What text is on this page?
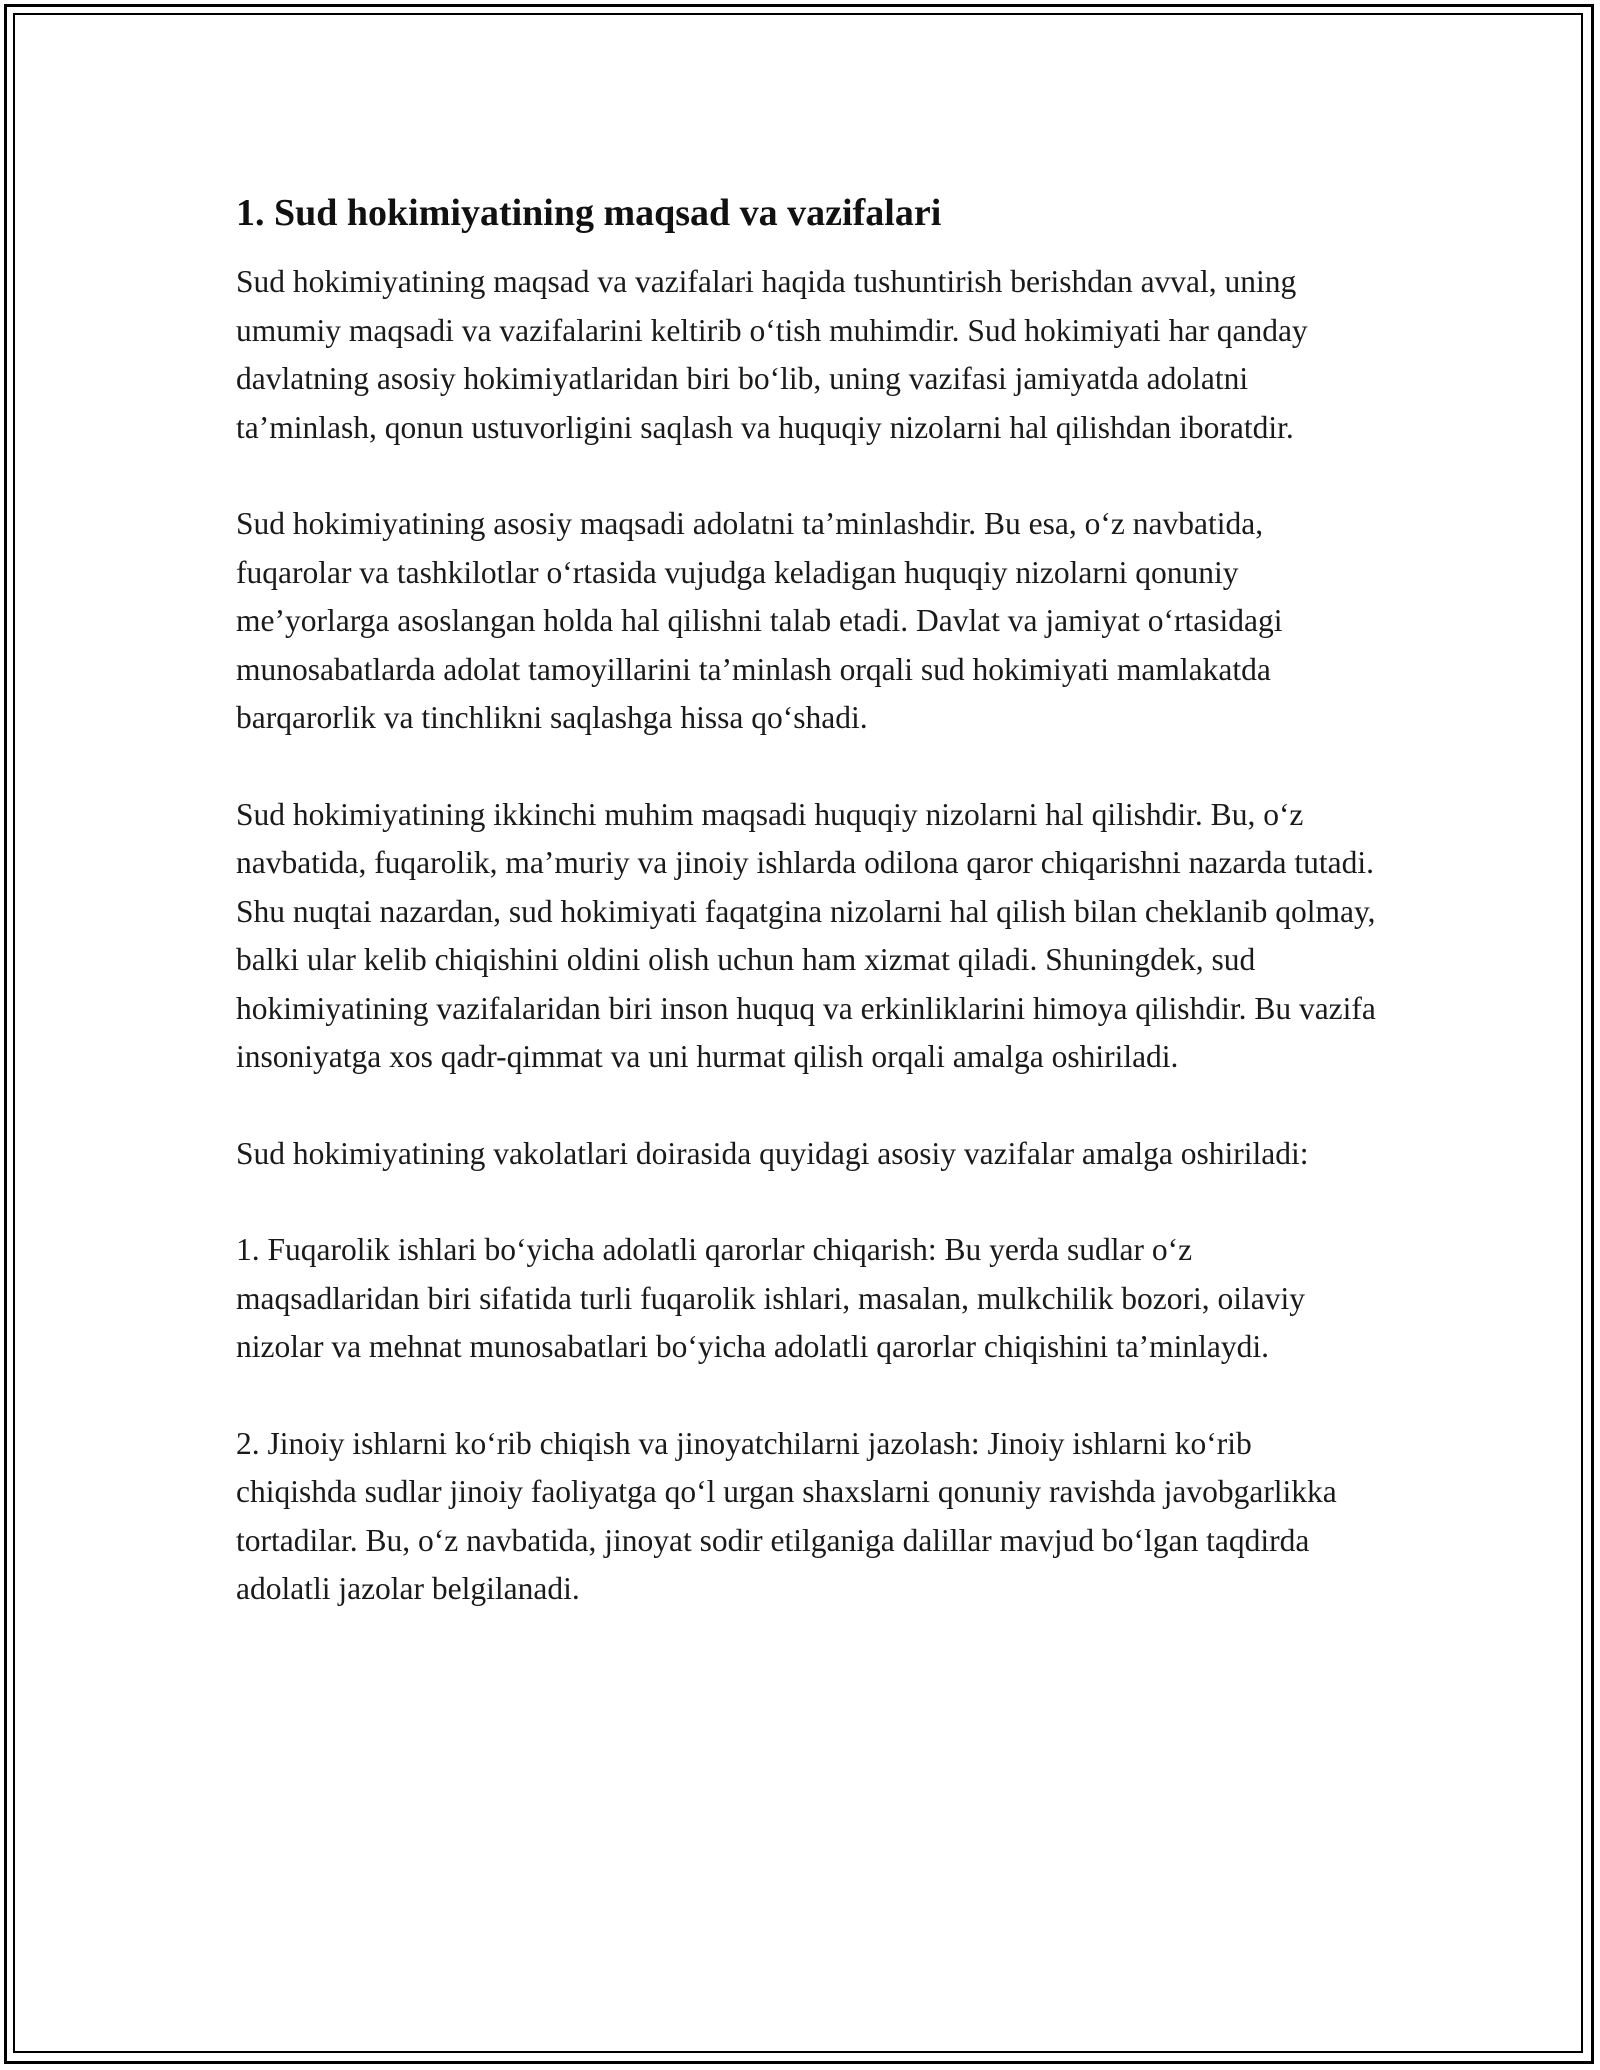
1. Sud hokimiyatining maqsad va vazifalari

Sud hokimiyatining maqsad va vazifalari haqida tushuntirish berishdan avval, uning umumiy maqsadi va vazifalarini keltirib o‘tish muhimdir. Sud hokimiyati har qanday davlatning asosiy hokimiyatlaridan biri bo‘lib, uning vazifasi jamiyatda adolatni ta’minlash, qonun ustuvorligini saqlash va huquqiy nizolarni hal qilishdan iboratdir.

Sud hokimiyatining asosiy maqsadi adolatni ta’minlashdir. Bu esa, o‘z navbatida, fuqarolar va tashkilotlar o‘rtasida vujudga keladigan huquqiy nizolarni qonuniy me’yorlarga asoslangan holda hal qilishni talab etadi. Davlat va jamiyat o‘rtasidagi munosabatlarda adolat tamoyillarini ta’minlash orqali sud hokimiyati mamlakatda barqarorlik va tinchlikni saqlashga hissa qo‘shadi.

Sud hokimiyatining ikkinchi muhim maqsadi huquqiy nizolarni hal qilishdir. Bu, o‘z navbatida, fuqarolik, ma’muriy va jinoiy ishlarda odilona qaror chiqarishni nazarda tutadi. Shu nuqtai nazardan, sud hokimiyati faqatgina nizolarni hal qilish bilan cheklanib qolmay, balki ular kelib chiqishini oldini olish uchun ham xizmat qiladi. Shuningdek, sud hokimiyatining vazifalaridan biri inson huquq va erkinliklarini himoya qilishdir. Bu vazifa insoniyatga xos qadr-qimmat va uni hurmat qilish orqali amalga oshiriladi.

Sud hokimiyatining vakolatlari doirasida quyidagi asosiy vazifalar amalga oshiriladi:

1. Fuqarolik ishlari bo‘yicha adolatli qarorlar chiqarish: Bu yerda sudlar o‘z maqsadlaridan biri sifatida turli fuqarolik ishlari, masalan, mulkchilik bozori, oilaviy nizolar va mehnat munosabatlari bo‘yicha adolatli qarorlar chiqishini ta’minlaydi.

2. Jinoiy ishlarni ko‘rib chiqish va jinoyatchilarni jazolash: Jinoiy ishlarni ko‘rib chiqishda sudlar jinoiy faoliyatga qo‘l urgan shaxslarni qonuniy ravishda javobgarlikka tortadilar. Bu, o‘z navbatida, jinoyat sodir etilganiga dalillar mavjud bo‘lgan taqdirda adolatli jazolar belgilanadi.
